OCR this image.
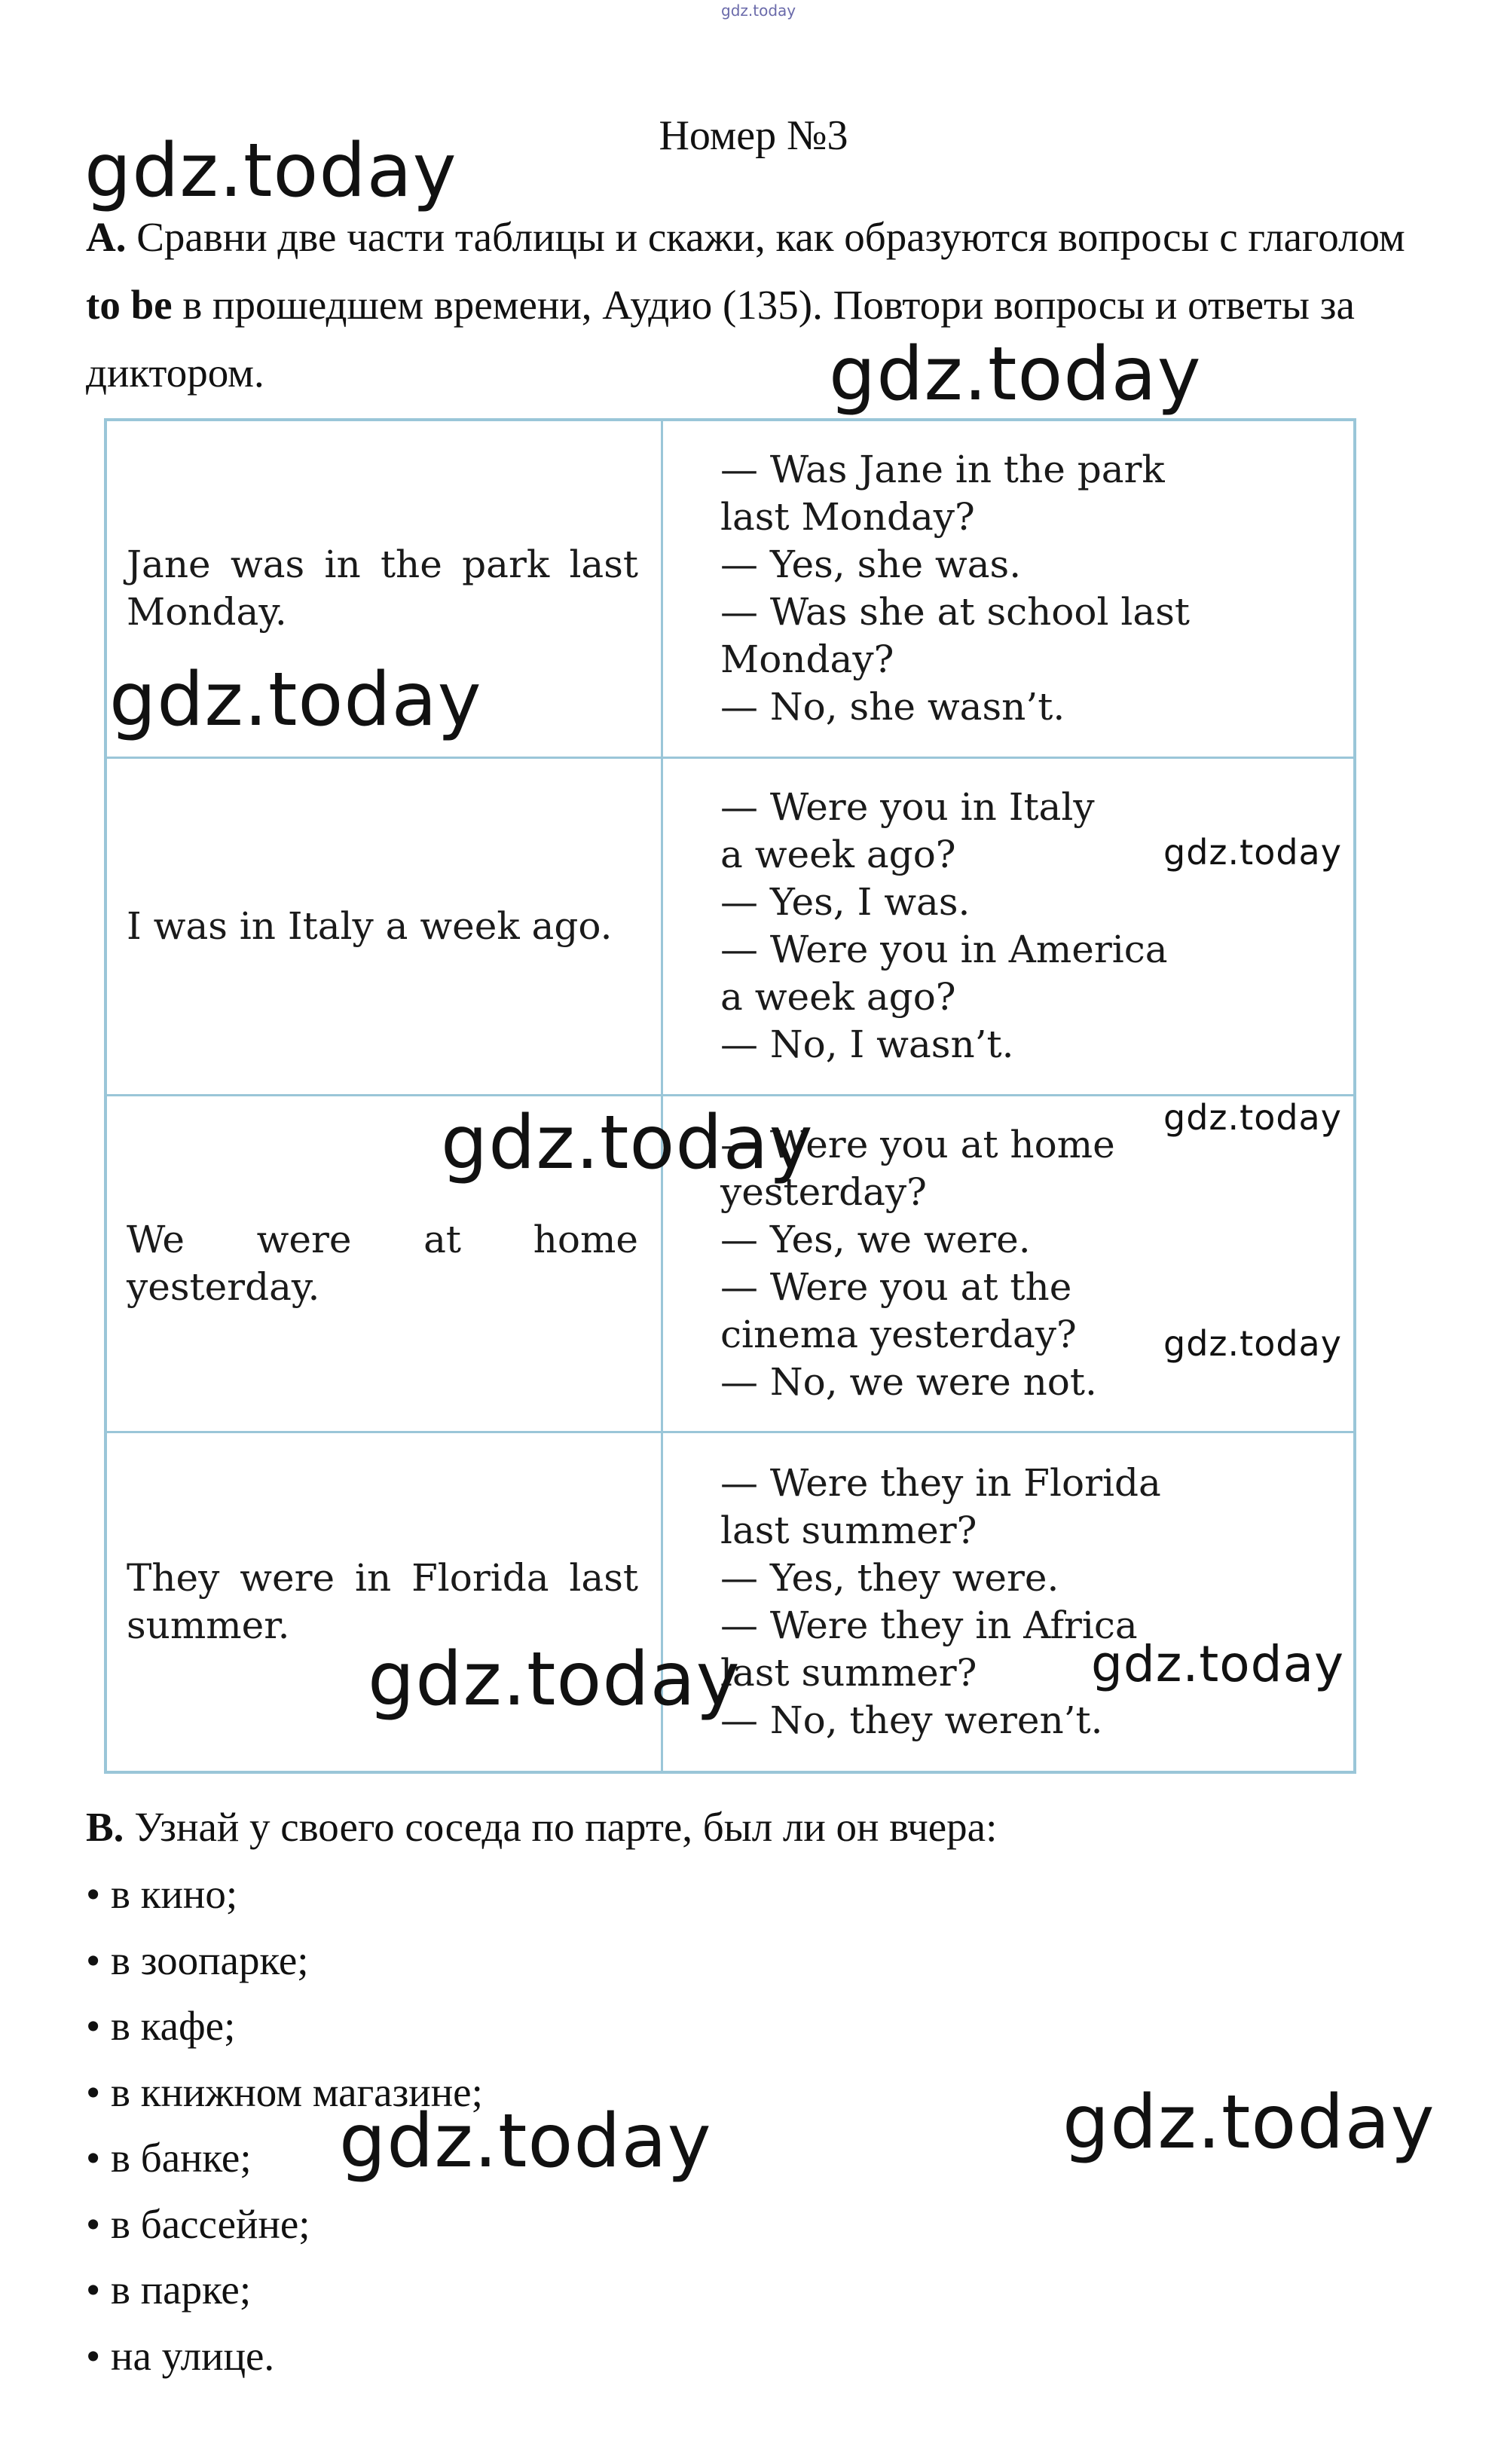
gdz.today
Номер №3
A. Сравни две части таблицы и скажи, как образуются вопросы с глаголом to be в прошедшем времени, Аудио (135). Повтори вопросы и ответы за диктором.
Jane was in the park last Monday.
— Was Jane in the park
last Monday?
— Yes, she was.
— Was she at school last
Monday?
— No, she wasn’t.
I was in Italy a week ago.
— Were you in Italy
a week ago?
— Yes, I was.
— Were you in America
a week ago?
— No, I wasn’t.
We were at home yesterday.
— Were you at home
yesterday?
— Yes, we were.
— Were you at the
cinema yesterday?
— No, we were not.
They were in Florida last summer.
— Were they in Florida
last summer?
— Yes, they were.
— Were they in Africa
last summer?
— No, they weren’t.
B. Узнай у своего соседа по парте, был ли он вчера:
• в кино;
• в зоопарке;
• в кафе;
• в книжном магазине;
• в банке;
• в бассейне;
• в парке;
• на улице.
gdz.today
gdz.today
gdz.today
gdz.today
gdz.today	gdz.today
gdz.today
gdz.today
gdz.today
gdz.today
gdz.today
